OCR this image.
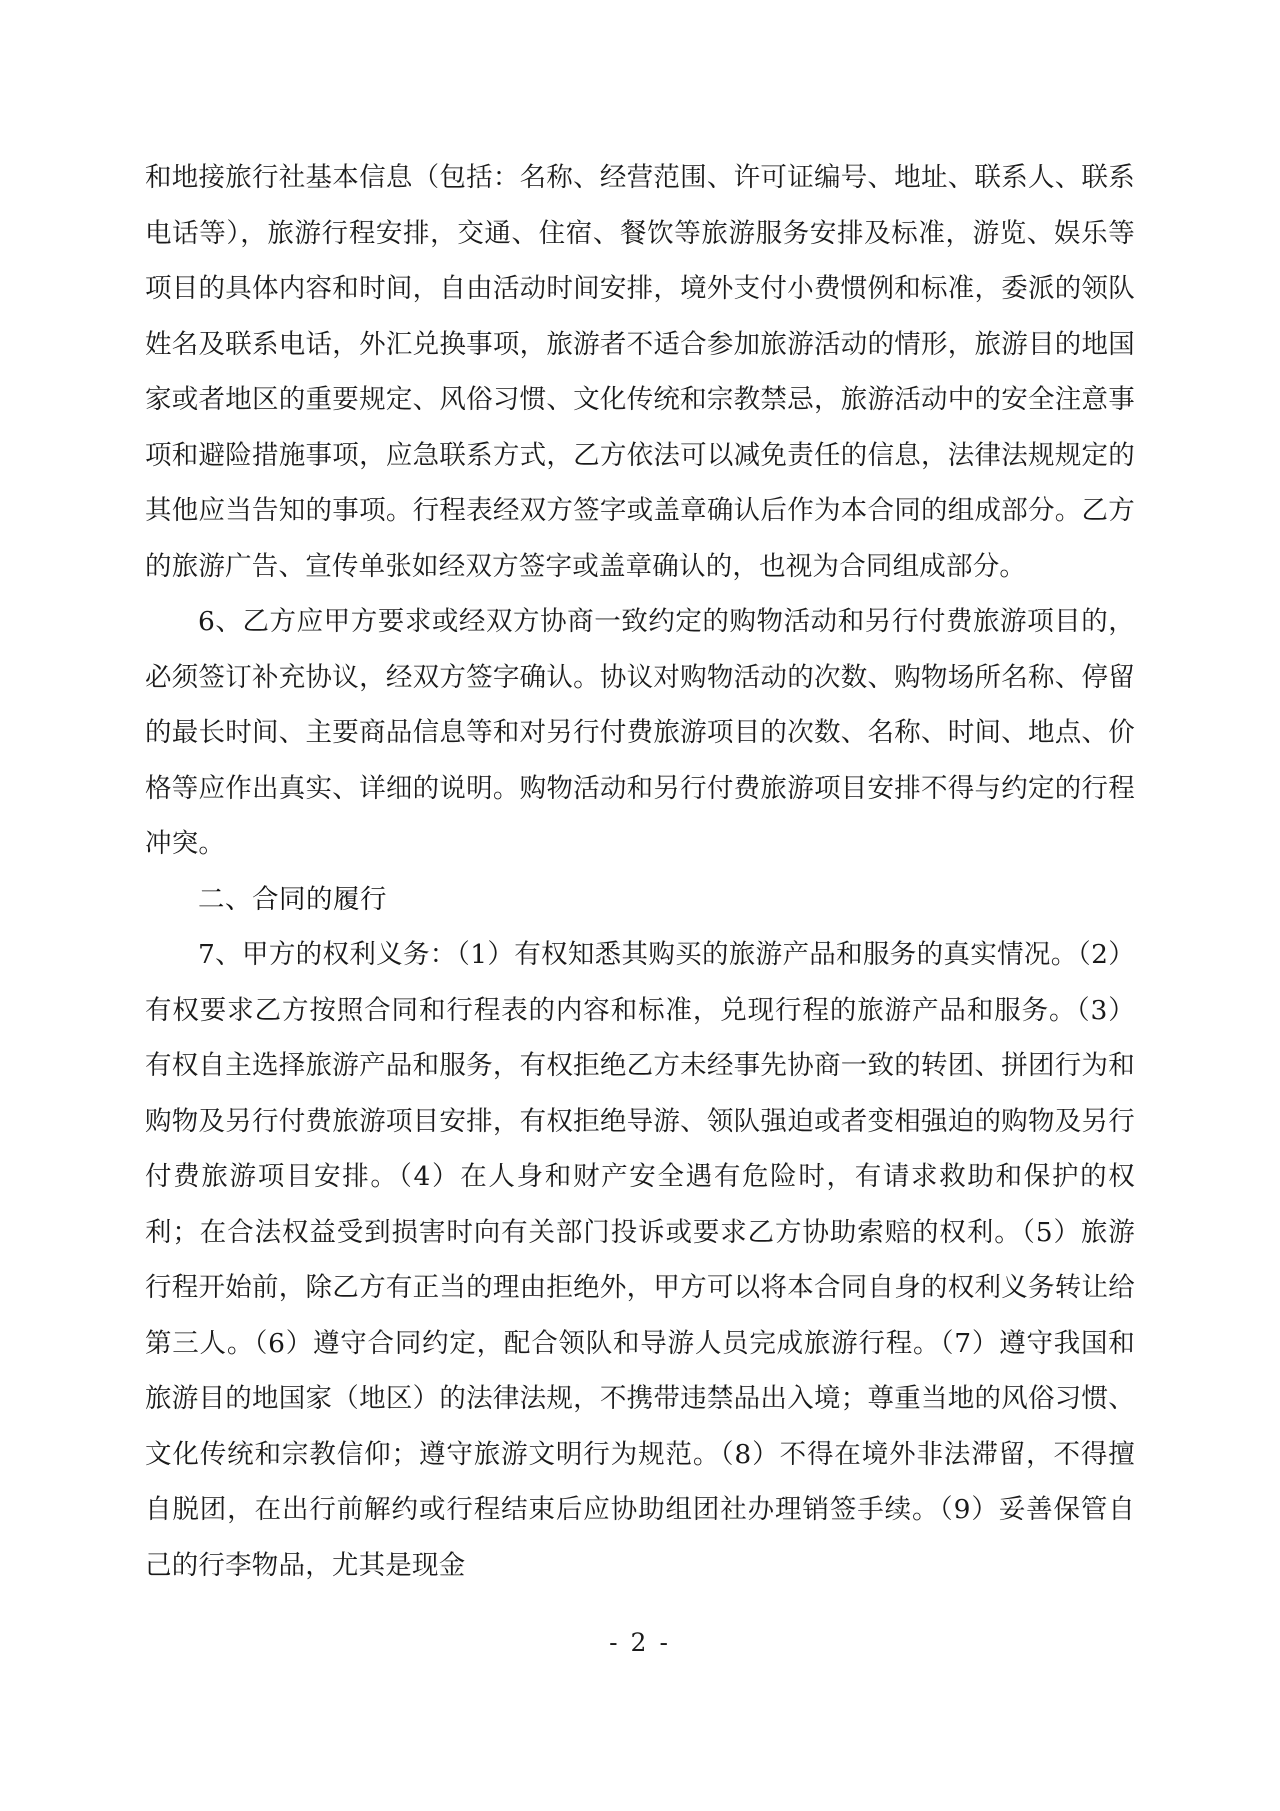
和地接旅行社基本信息（包括：名称、经营范围、许可证编号、地址、联系人、联系电话等），旅游行程安排，交通、住宿、餐饮等旅游服务安排及标准，游览、娱乐等项目的具体内容和时间，自由活动时间安排，境外支付小费惯例和标准，委派的领队姓名及联系电话，外汇兑换事项，旅游者不适合参加旅游活动的情形，旅游目的地国家或者地区的重要规定、风俗习惯、文化传统和宗教禁忌，旅游活动中的安全注意事项和避险措施事项，应急联系方式，乙方依法可以减免责任的信息，法律法规规定的其他应当告知的事项。行程表经双方签字或盖章确认后作为本合同的组成部分。乙方的旅游广告、宣传单张如经双方签字或盖章确认的，也视为合同组成部分。

6、乙方应甲方要求或经双方协商一致约定的购物活动和另行付费旅游项目的，必须签订补充协议，经双方签字确认。协议对购物活动的次数、购物场所名称、停留的最长时间、主要商品信息等和对另行付费旅游项目的次数、名称、时间、地点、价格等应作出真实、详细的说明。购物活动和另行付费旅游项目安排不得与约定的行程冲突。

二、合同的履行

7、甲方的权利义务：（1）有权知悉其购买的旅游产品和服务的真实情况。（2）有权要求乙方按照合同和行程表的内容和标准，兑现行程的旅游产品和服务。（3）有权自主选择旅游产品和服务，有权拒绝乙方未经事先协商一致的转团、拼团行为和购物及另行付费旅游项目安排，有权拒绝导游、领队强迫或者变相强迫的购物及另行付费旅游项目安排。（4）在人身和财产安全遇有危险时，有请求救助和保护的权利；在合法权益受到损害时向有关部门投诉或要求乙方协助索赔的权利。（5）旅游行程开始前，除乙方有正当的理由拒绝外，甲方可以将本合同自身的权利义务转让给第三人。（6）遵守合同约定，配合领队和导游人员完成旅游行程。（7）遵守我国和旅游目的地国家（地区）的法律法规，不携带违禁品出入境；尊重当地的风俗习惯、文化传统和宗教信仰；遵守旅游文明行为规范。（8）不得在境外非法滞留，不得擅自脱团，在出行前解约或行程结束后应协助组团社办理销签手续。（9）妥善保管自己的行李物品，尤其是现金

- 2 -
